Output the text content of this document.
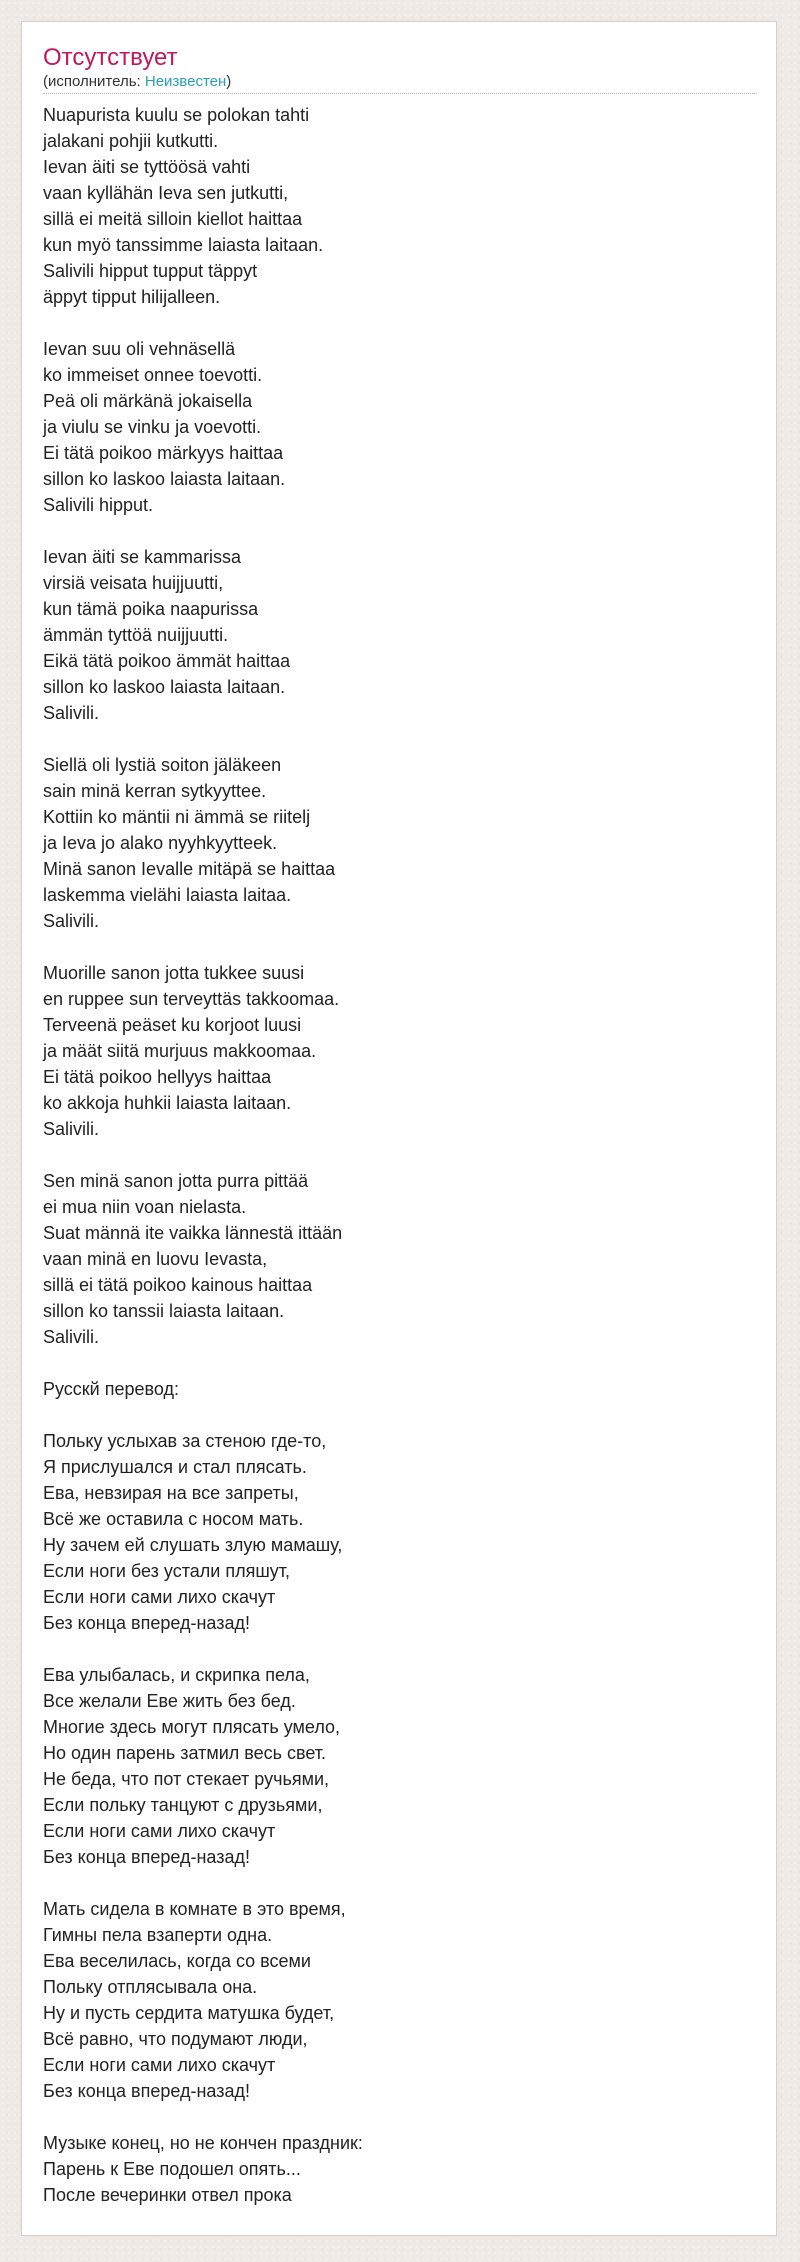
Отсутствует
(исполнитель: Неизвестен)
Nuapurista kuulu se polokan tahti
jalakani pohjii kutkutti.
Ievan äiti se tyttöösä vahti
vaan kyllähän Ieva sen jutkutti,
sillä ei meitä silloin kiellot haittaa
kun myö tanssimme laiasta laitaan.
Salivili hipput tupput täppyt
äppyt tipput hilijalleen.
Ievan suu oli vehnäsellä
ko immeiset onnee toevotti.
Peä oli märkänä jokaisella
ja viulu se vinku ja voevotti.
Ei tätä poikoo märkyys haittaa
sillon ko laskoo laiasta laitaan.
Salivili hipput.
Ievan äiti se kammarissa
virsiä veisata huijjuutti,
kun tämä poika naapurissa
ämmän tyttöä nuijjuutti.
Eikä tätä poikoo ämmät haittaa
sillon ko laskoo laiasta laitaan.
Salivili.
Siellä oli lystiä soiton jäläkeen
sain minä kerran sytkyyttee.
Kottiin ko mäntii ni ämmä se riitelj
ja Ieva jo alako nyyhkyytteek.
Minä sanon Ievalle mitäpä se haittaa
laskemma vielähi laiasta laitaa.
Salivili.
Muorille sanon jotta tukkee suusi
en ruppee sun terveyttäs takkoomaa.
Terveenä peäset ku korjoot luusi
ja määt siitä murjuus makkoomaa.
Ei tätä poikoo hellyys haittaa
ko akkoja huhkii laiasta laitaan.
Salivili.
Sen minä sanon jotta purra pittää
ei mua niin voan nielasta.
Suat männä ite vaikka lännestä ittään
vaan minä en luovu Ievasta,
sillä ei tätä poikoo kainous haittaa
sillon ko tanssii laiasta laitaan.
Salivili.
Русскй перевод:
Польку услыхав за стеною где-то,
Я прислушался и стал плясать.
Ева, невзирая на все запреты,
Всё же оставила с носом мать.
Ну зачем ей слушать злую мамашу,
Если ноги без устали пляшут,
Если ноги сами лихо скачут
Без конца вперед-назад!
Ева улыбалась, и скрипка пела,
Все желали Еве жить без бед.
Многие здесь могут плясать умело,
Но один парень затмил весь свет.
Не беда, что пот стекает ручьями,
Если польку танцуют с друзьями,
Если ноги сами лихо скачут
Без конца вперед-назад!
Мать сидела в комнате в это время,
Гимны пела взаперти одна.
Ева веселилась, когда со всеми
Польку отплясывала она.
Ну и пусть сердита матушка будет,
Всё равно, что подумают люди,
Если ноги сами лихо скачут
Без конца вперед-назад!
Музыке конец, но не кончен праздник:
Парень к Еве подошел опять...
После вечеринки отвел прока
